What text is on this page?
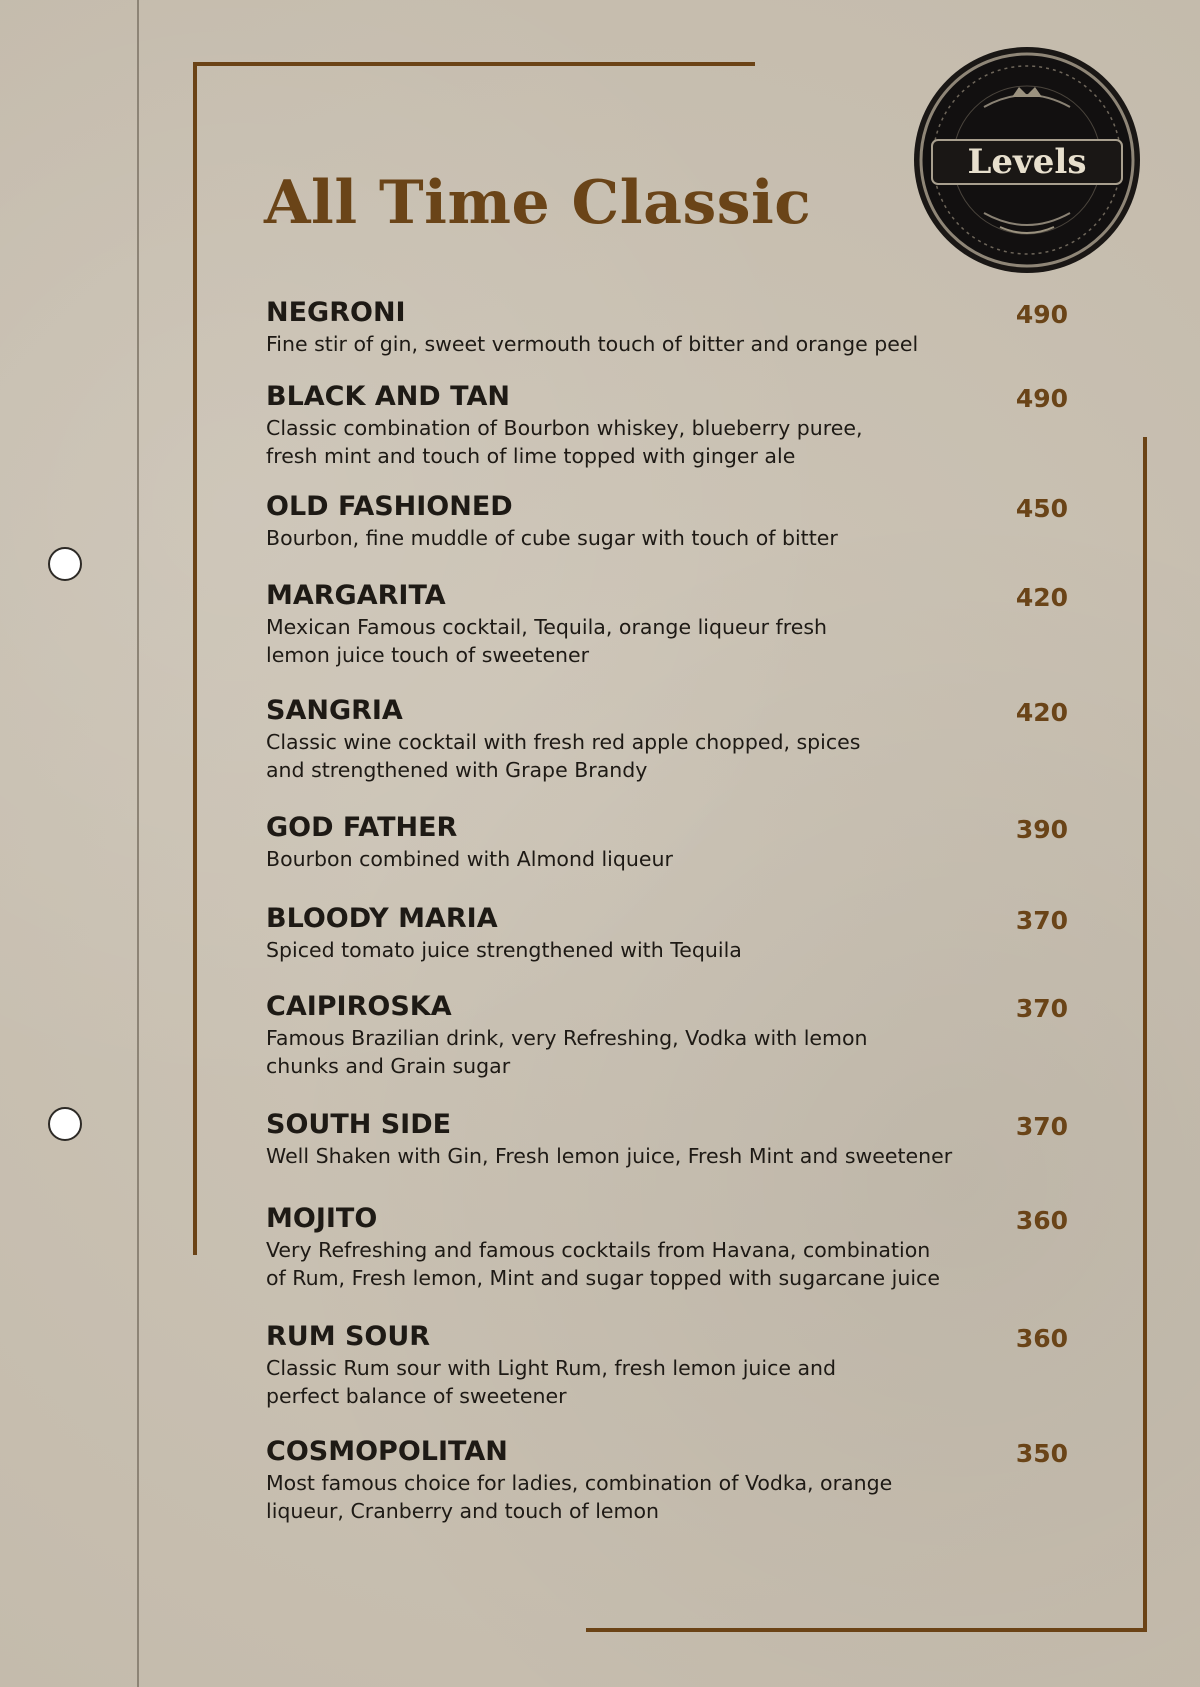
All Time Classic
Levels
NEGRONI	490
Fine stir of gin, sweet vermouth touch of bitter and orange peel
BLACK AND TAN	490
Classic combination of Bourbon whiskey, blueberry puree,
fresh mint and touch of lime topped with ginger ale
OLD FASHIONED	450
Bourbon, fine muddle of cube sugar with touch of bitter
MARGARITA	420
Mexican Famous cocktail, Tequila, orange liqueur fresh
lemon juice touch of sweetener
SANGRIA	420
Classic wine cocktail with fresh red apple chopped, spices
and strengthened with Grape Brandy
GOD FATHER	390
Bourbon combined with Almond liqueur
BLOODY MARIA	370
Spiced tomato juice strengthened with Tequila
CAIPIROSKA	370
Famous Brazilian drink, very Refreshing, Vodka with lemon
chunks and Grain sugar
SOUTH SIDE	370
Well Shaken with Gin, Fresh lemon juice, Fresh Mint and sweetener
MOJITO	360
Very Refreshing and famous cocktails from Havana, combination
of Rum, Fresh lemon, Mint and sugar topped with sugarcane juice
RUM SOUR	360
Classic Rum sour with Light Rum, fresh lemon juice and
perfect balance of sweetener
COSMOPOLITAN	350
Most famous choice for ladies, combination of Vodka, orange
liqueur, Cranberry and touch of lemon
